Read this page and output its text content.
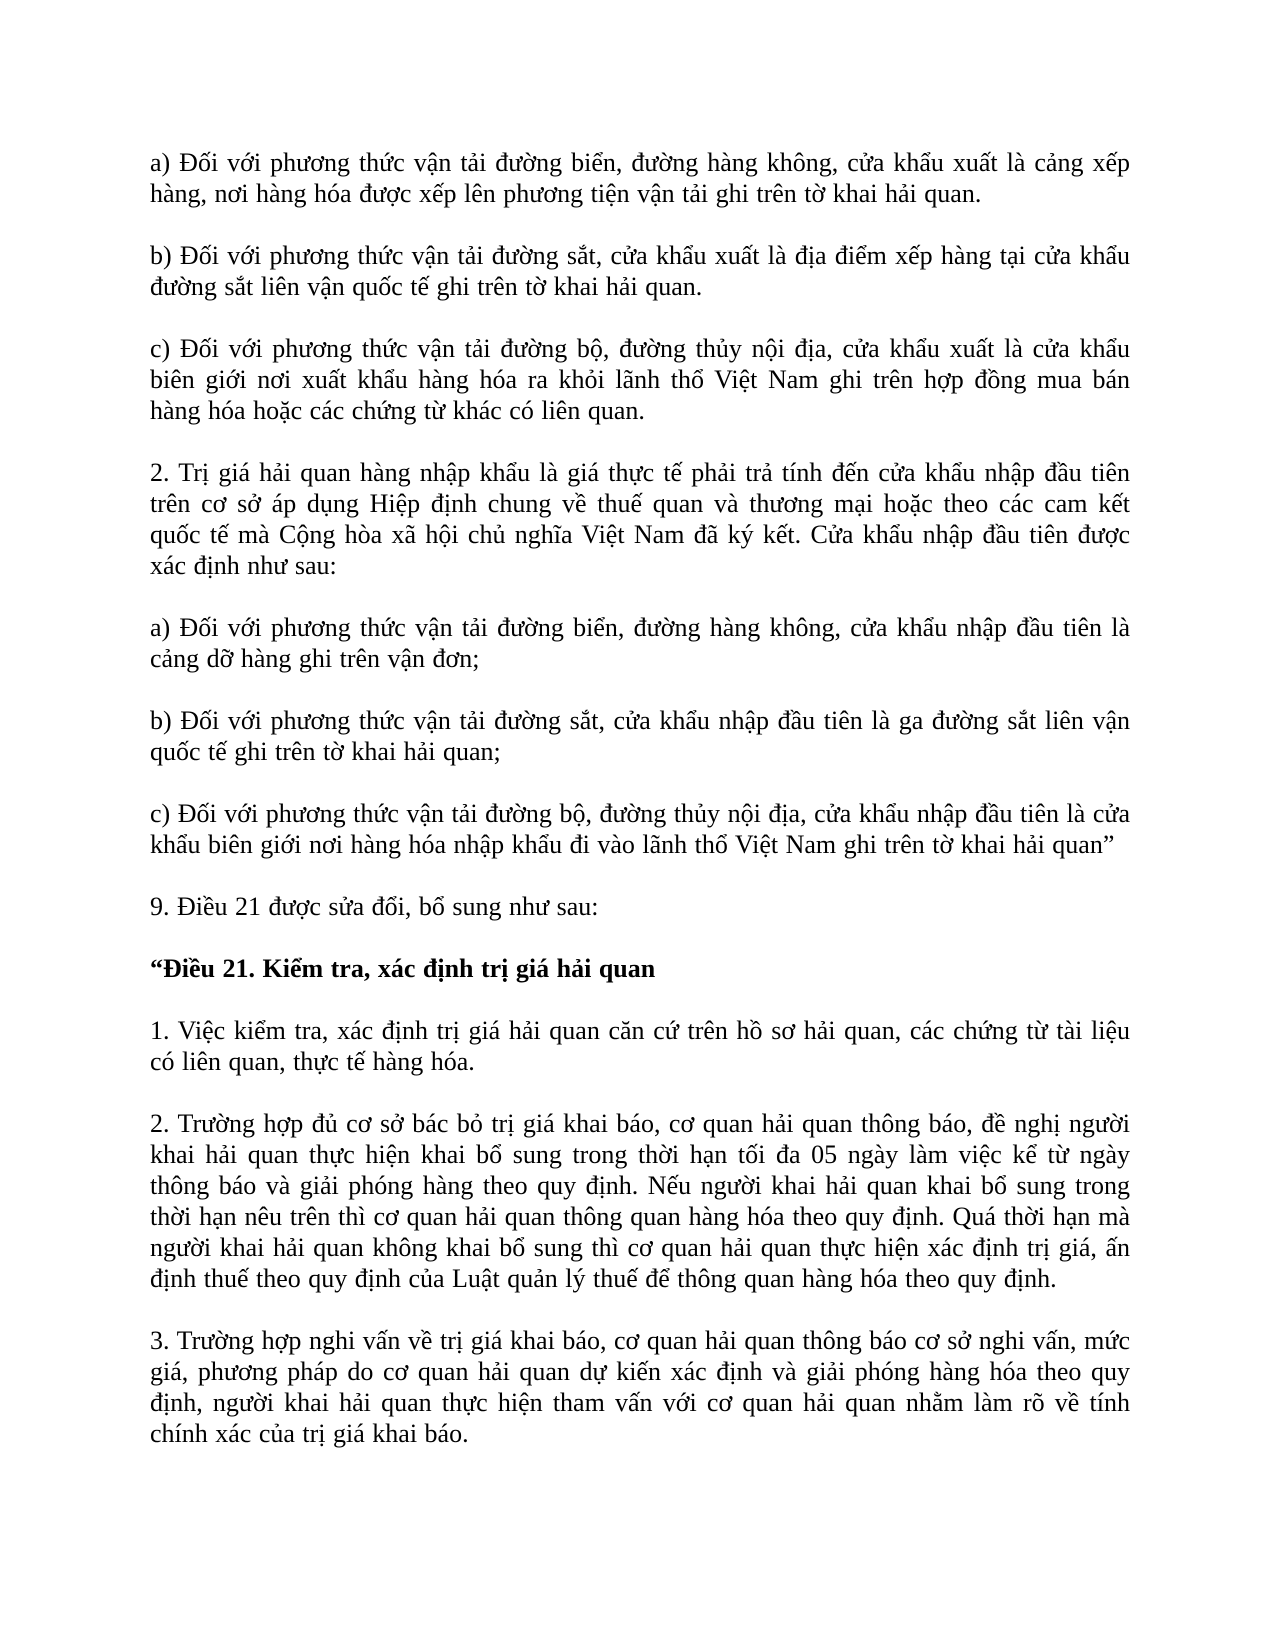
a) Đối với phương thức vận tải đường biển, đường hàng không, cửa khẩu xuất là cảng xếp hàng, nơi hàng hóa được xếp lên phương tiện vận tải ghi trên tờ khai hải quan.

b) Đối với phương thức vận tải đường sắt, cửa khẩu xuất là địa điểm xếp hàng tại cửa khẩu đường sắt liên vận quốc tế ghi trên tờ khai hải quan.

c) Đối với phương thức vận tải đường bộ, đường thủy nội địa, cửa khẩu xuất là cửa khẩu biên giới nơi xuất khẩu hàng hóa ra khỏi lãnh thổ Việt Nam ghi trên hợp đồng mua bán hàng hóa hoặc các chứng từ khác có liên quan.

2. Trị giá hải quan hàng nhập khẩu là giá thực tế phải trả tính đến cửa khẩu nhập đầu tiên trên cơ sở áp dụng Hiệp định chung về thuế quan và thương mại hoặc theo các cam kết quốc tế mà Cộng hòa xã hội chủ nghĩa Việt Nam đã ký kết. Cửa khẩu nhập đầu tiên được xác định như sau:

a) Đối với phương thức vận tải đường biển, đường hàng không, cửa khẩu nhập đầu tiên là cảng dỡ hàng ghi trên vận đơn;

b) Đối với phương thức vận tải đường sắt, cửa khẩu nhập đầu tiên là ga đường sắt liên vận quốc tế ghi trên tờ khai hải quan;

c) Đối với phương thức vận tải đường bộ, đường thủy nội địa, cửa khẩu nhập đầu tiên là cửa khẩu biên giới nơi hàng hóa nhập khẩu đi vào lãnh thổ Việt Nam ghi trên tờ khai hải quan”

9. Điều 21 được sửa đổi, bổ sung như sau:

“Điều 21. Kiểm tra, xác định trị giá hải quan

1. Việc kiểm tra, xác định trị giá hải quan căn cứ trên hồ sơ hải quan, các chứng từ tài liệu có liên quan, thực tế hàng hóa.

2. Trường hợp đủ cơ sở bác bỏ trị giá khai báo, cơ quan hải quan thông báo, đề nghị người khai hải quan thực hiện khai bổ sung trong thời hạn tối đa 05 ngày làm việc kể từ ngày thông báo và giải phóng hàng theo quy định. Nếu người khai hải quan khai bổ sung trong thời hạn nêu trên thì cơ quan hải quan thông quan hàng hóa theo quy định. Quá thời hạn mà người khai hải quan không khai bổ sung thì cơ quan hải quan thực hiện xác định trị giá, ấn định thuế theo quy định của Luật quản lý thuế để thông quan hàng hóa theo quy định.

3. Trường hợp nghi vấn về trị giá khai báo, cơ quan hải quan thông báo cơ sở nghi vấn, mức giá, phương pháp do cơ quan hải quan dự kiến xác định và giải phóng hàng hóa theo quy định, người khai hải quan thực hiện tham vấn với cơ quan hải quan nhằm làm rõ về tính chính xác của trị giá khai báo.
